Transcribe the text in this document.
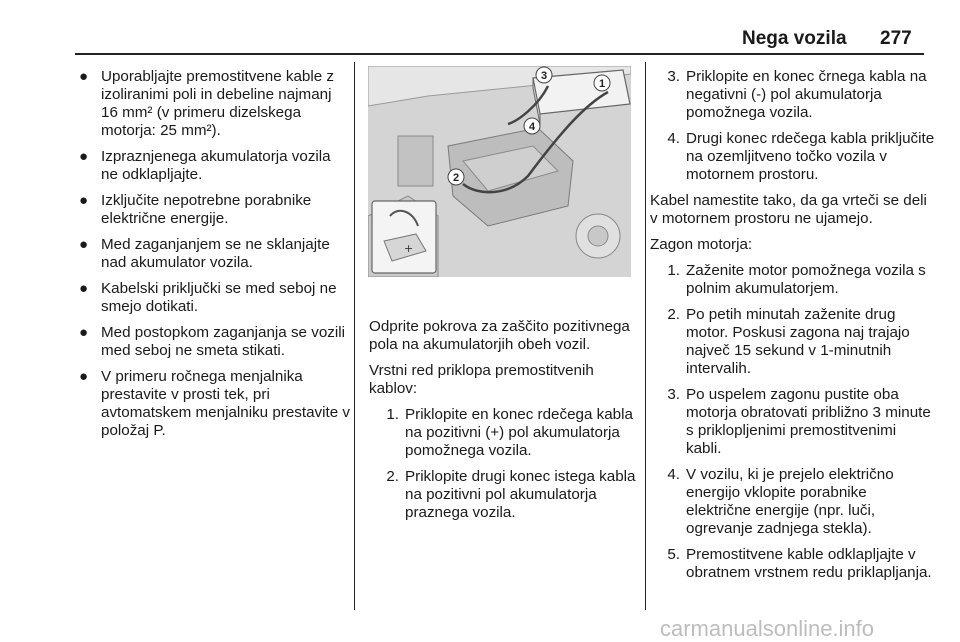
Nega vozila 277
● Uporabljajte premostitvene kable z izoliranimi poli in debeline najmanj 16 mm² (v primeru dizelskega motorja: 25 mm²).
● Izpraznjenega akumulatorja vozila ne odklapljajte.
● Izključite nepotrebne porabnike električne energije.
● Med zaganjanjem se ne sklanjajte nad akumulator vozila.
● Kabelski priključki se med seboj ne smejo dotikati.
● Med postopkom zaganjanja se vozili med seboj ne smeta stikati.
● V primeru ročnega menjalnika prestavite v prosti tek, pri avtomatskem menjalniku prestavite v položaj P.
+
1
2
3
4
Odprite pokrova za zaščito pozitivnega pola na akumulatorjih obeh vozil.
Vrstni red priklopa premostitvenih kablov:
1. Priklopite en konec rdečega kabla na pozitivni (+) pol akumulatorja pomožnega vozila.
2. Priklopite drugi konec istega kabla na pozitivni pol akumulatorja praznega vozila.
3. Priklopite en konec črnega kabla na negativni (-) pol akumulatorja pomožnega vozila.
4. Drugi konec rdečega kabla priključite na ozemljitveno točko vozila v motornem prostoru.
Kabel namestite tako, da ga vrteči se deli v motornem prostoru ne ujamejo.
Zagon motorja:
1. Zaženite motor pomožnega vozila s polnim akumulatorjem.
2. Po petih minutah zaženite drug motor. Poskusi zagona naj trajajo največ 15 sekund v 1-minutnih intervalih.
3. Po uspelem zagonu pustite oba motorja obratovati približno 3 minute s priklopljenimi premostitvenimi kabli.
4. V vozilu, ki je prejelo električno energijo vklopite porabnike električne energije (npr. luči, ogrevanje zadnjega stekla).
5. Premostitvene kable odklapljajte v obratnem vrstnem redu priklapljanja.
carmanualsonline.info
